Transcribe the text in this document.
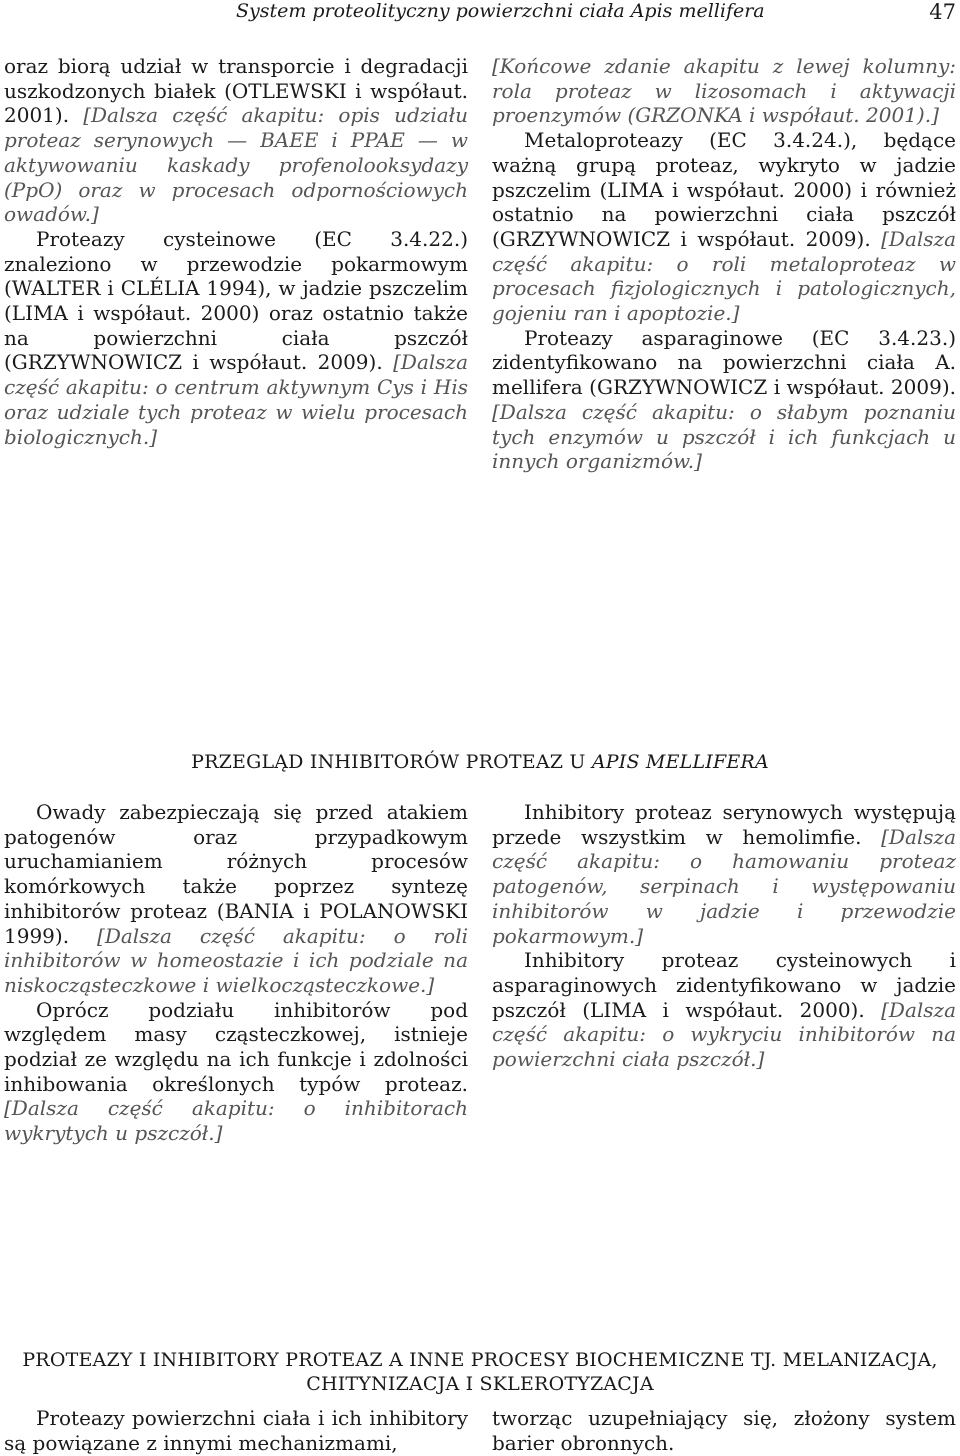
System proteolityczny powierzchni ciała Apis mellifera	47

oraz biorą udział w transporcie i degradacji uszkodzonych białek (OTLEWSKI i współaut. 2001). [Dalsza część akapitu: opis udziału proteaz serynowych — BAEE i PPAE — w aktywowaniu kaskady profenolooksydazy (PpO) oraz w procesach odpornościowych owadów.]

Proteazy cysteinowe (EC 3.4.22.) znaleziono w przewodzie pokarmowym (WALTER i CLÉLIA 1994), w jadzie pszczelim (LIMA i współaut. 2000) oraz ostatnio także na powierzchni ciała pszczół (GRZYWNOWICZ i współaut. 2009). [Dalsza część akapitu: o centrum aktywnym Cys i His oraz udziale tych proteaz w wielu procesach biologicznych.]

[Końcowe zdanie akapitu z lewej kolumny: rola proteaz w lizosomach i aktywacji proenzymów (GRZONKA i współaut. 2001).]

Metaloproteazy (EC 3.4.24.), będące ważną grupą proteaz, wykryto w jadzie pszczelim (LIMA i współaut. 2000) i również ostatnio na powierzchni ciała pszczół (GRZYWNOWICZ i współaut. 2009). [Dalsza część akapitu: o roli metaloproteaz w procesach fizjologicznych i patologicznych, gojeniu ran i apoptozie.]

Proteazy asparaginowe (EC 3.4.23.) zidentyfikowano na powierzchni ciała A. mellifera (GRZYWNOWICZ i współaut. 2009). [Dalsza część akapitu: o słabym poznaniu tych enzymów u pszczół i ich funkcjach u innych organizmów.]

PRZEGLĄD INHIBITORÓW PROTEAZ U APIS MELLIFERA

Owady zabezpieczają się przed atakiem patogenów oraz przypadkowym uruchamianiem różnych procesów komórkowych także poprzez syntezę inhibitorów proteaz (BANIA i POLANOWSKI 1999). [Dalsza część akapitu: o roli inhibitorów w homeostazie i ich podziale na niskocząsteczkowe i wielkocząsteczkowe.]

Oprócz podziału inhibitorów pod względem masy cząsteczkowej, istnieje podział ze względu na ich funkcje i zdolności inhibowania określonych typów proteaz. [Dalsza część akapitu: o inhibitorach wykrytych u pszczół.]

Inhibitory proteaz serynowych występują przede wszystkim w hemolimfie. [Dalsza część akapitu: o hamowaniu proteaz patogenów, serpinach i występowaniu inhibitorów w jadzie i przewodzie pokarmowym.]

Inhibitory proteaz cysteinowych i asparaginowych zidentyfikowano w jadzie pszczół (LIMA i współaut. 2000). [Dalsza część akapitu: o wykryciu inhibitorów na powierzchni ciała pszczół.]

PROTEAZY I INHIBITORY PROTEAZ A INNE PROCESY BIOCHEMICZNE TJ. MELANIZACJA,
CHITYNIZACJA I SKLEROTYZACJA

Proteazy powierzchni ciała i ich inhibitory są powiązane z innymi mechanizmami,

tworząc uzupełniający się, złożony system barier obronnych.
